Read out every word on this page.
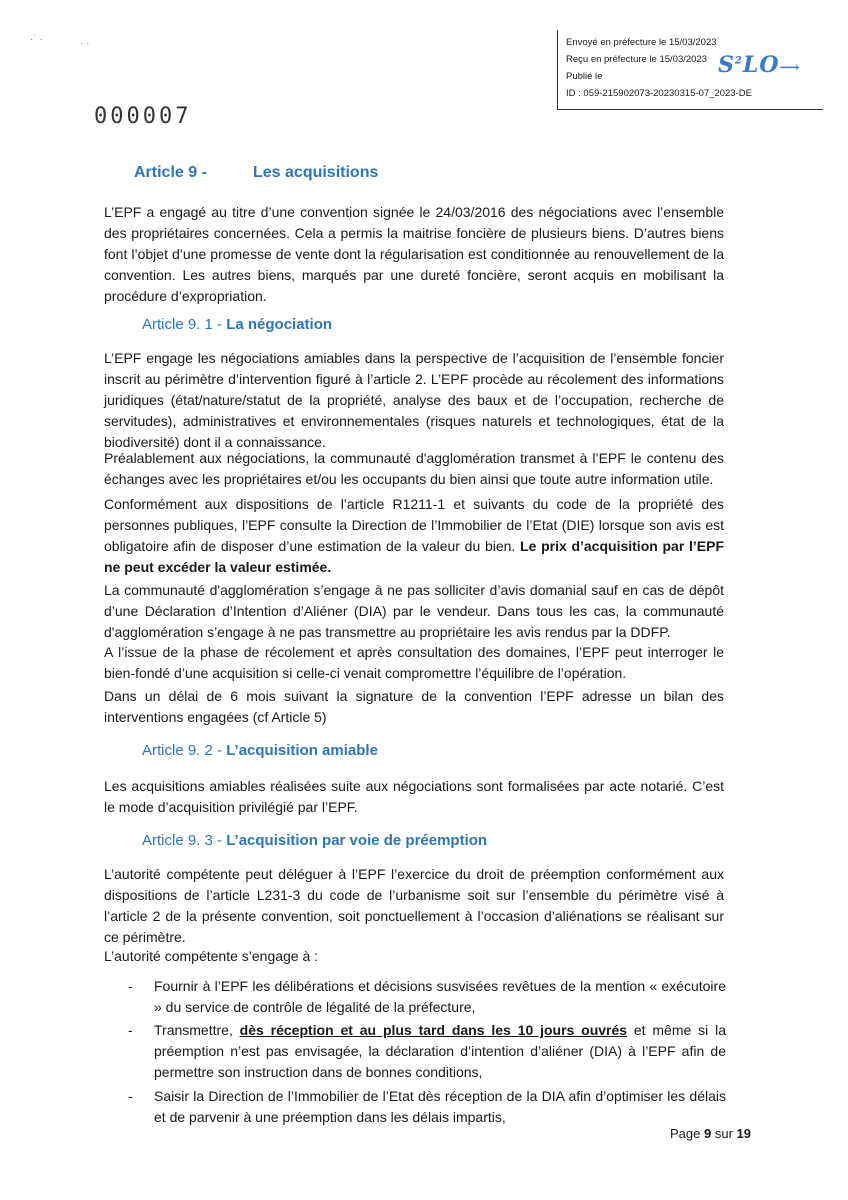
·˙ ·	· ·	Envoyé en préfecture le 15/03/2023
Reçu en préfecture le 15/03/2023
Publié le
ID : 059-215902073-20230315-07_2023-DE
$S^2LO⟶$
000007
Article 9 -	Les acquisitions
L’EPF a engagé au titre d’une convention signée le 24/03/2016 des négociations avec l’ensemble des propriétaires concernées. Cela a permis la maitrise foncière de plusieurs biens. D’autres biens font l’objet d’une promesse de vente dont la régularisation est conditionnée au renouvellement de la convention. Les autres biens, marqués par une dureté foncière, seront acquis en mobilisant la procédure d’expropriation.
Article 9. 1 - La négociation
L’EPF engage les négociations amiables dans la perspective de l’acquisition de l’ensemble foncier inscrit au périmètre d’intervention figuré à l’article 2. L’EPF procède au récolement des informations juridiques (état/nature/statut de la propriété, analyse des baux et de l’occupation, recherche de servitudes), administratives et environnementales (risques naturels et technologiques, état de la biodiversité) dont il a connaissance.
Préalablement aux négociations, la communauté d'agglomération transmet à l’EPF le contenu des échanges avec les propriétaires et/ou les occupants du bien ainsi que toute autre information utile.
Conformément aux dispositions de l’article R1211-1 et suivants du code de la propriété des personnes publiques, l’EPF consulte la Direction de l’Immobilier de l’Etat (DIE) lorsque son avis est obligatoire afin de disposer d’une estimation de la valeur du bien. Le prix d’acquisition par l’EPF ne peut excéder la valeur estimée.
La communauté d'agglomération s’engage à ne pas solliciter d’avis domanial sauf en cas de dépôt d’une Déclaration d’Intention d’Aliéner (DIA) par le vendeur. Dans tous les cas, la communauté d'agglomération s’engage à ne pas transmettre au propriétaire les avis rendus par la DDFP.
A l’issue de la phase de récolement et après consultation des domaines, l’EPF peut interroger le bien-fondé d’une acquisition si celle-ci venait compromettre l’équilibre de l’opération.
Dans un délai de 6 mois suivant la signature de la convention l’EPF adresse un bilan des interventions engagées (cf Article 5)
Article 9. 2 - L’acquisition amiable
Les acquisitions amiables réalisées suite aux négociations sont formalisées par acte notarié. C’est le mode d’acquisition privilégié par l’EPF.
Article 9. 3 - L’acquisition par voie de préemption
L’autorité compétente peut déléguer à l’EPF l’exercice du droit de préemption conformément aux dispositions de l’article L231-3 du code de l’urbanisme soit sur l’ensemble du périmètre visé à l’article 2 de la présente convention, soit ponctuellement à l’occasion d’aliénations se réalisant sur ce périmètre.
L’autorité compétente s’engage à :
- Fournir à l’EPF les délibérations et décisions susvisées revêtues de la mention « exécutoire » du service de contrôle de légalité de la préfecture,
- Transmettre, dès réception et au plus tard dans les 10 jours ouvrés et même si la préemption n’est pas envisagée, la déclaration d’intention d’aliéner (DIA) à l’EPF afin de permettre son instruction dans de bonnes conditions,
- Saisir la Direction de l’Immobilier de l’Etat dès réception de la DIA afin d’optimiser les délais et de parvenir à une préemption dans les délais impartis,
Page 9 sur 19
